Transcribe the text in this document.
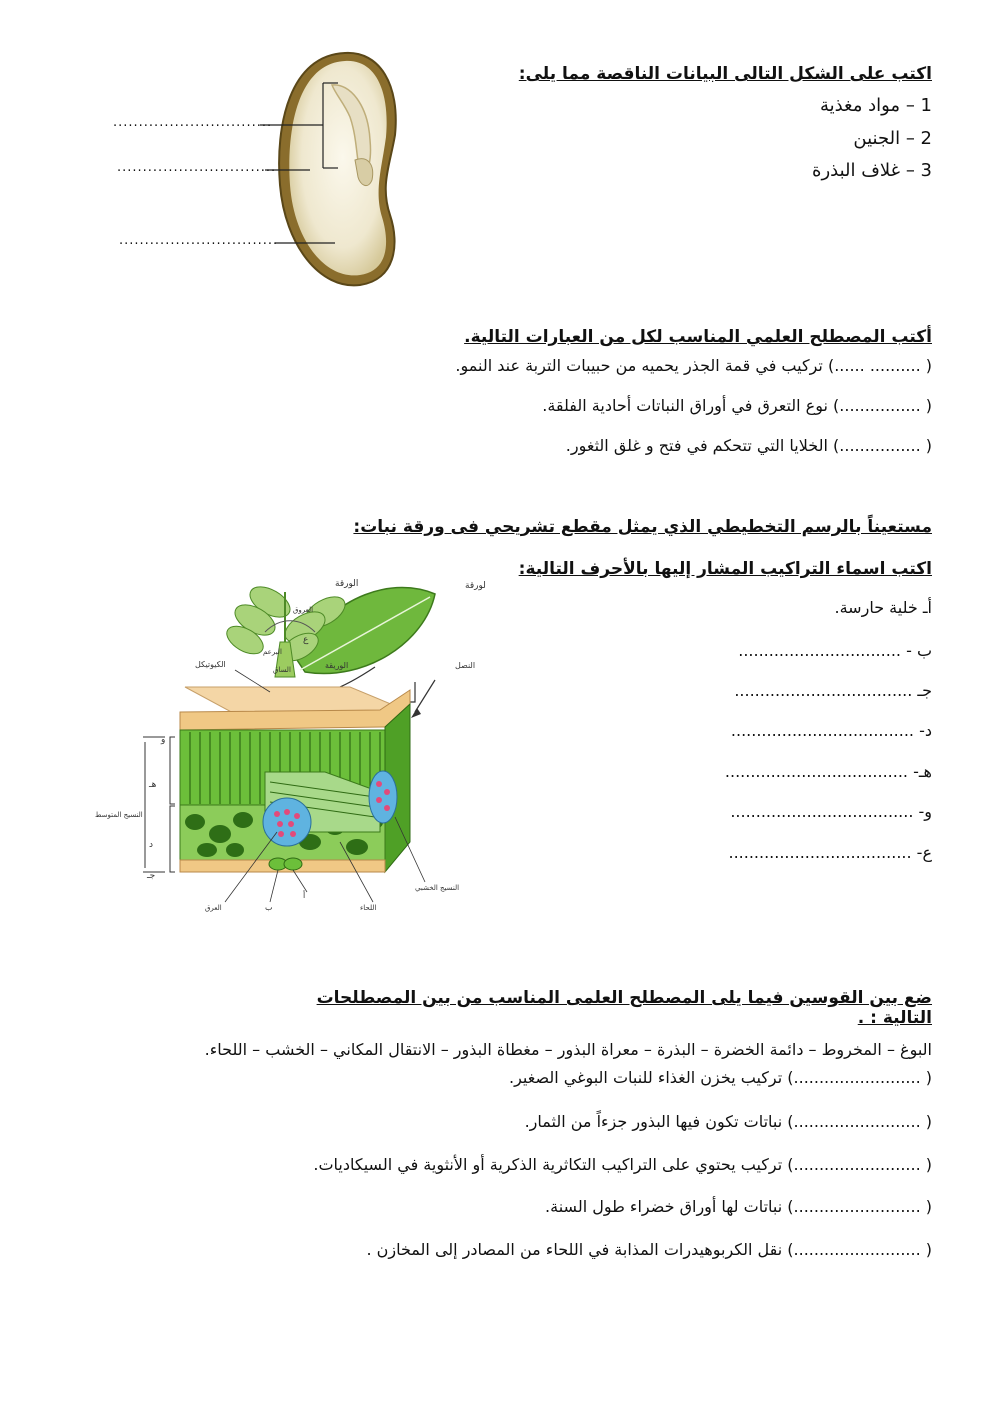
اكتب على الشكل التالى البيانات الناقصة مما يلى:
1 – مواد مغذية
2 – الجنين
3 – غلاف البذرة
...............................
...............................
...............................
أكتب المصطلح العلمي المناسب لكل من العبارات التالية.
( .......... ......) تركيب في قمة الجذر يحميه من حبيبات التربة عند النمو.
( ................) نوع التعرق في أوراق النباتات أحادية الفلقة.
( ................) الخلايا التي تتحكم في فتح و غلق الثغور.
مستعيناً بالرسم التخطيطي الذي يمثل مقطع تشريحي فى ورقة نبات:
اكتب اسماء التراكيب المشار إليها بالأحرف التالية:
أـ خلية حارسة.
ب - ................................
جـ ...................................
د- ....................................
هـ- ....................................
و- ....................................
ع- ....................................
الورقة	لورقة
العروق
ع
البرعم
الساق	النصل
الوريقة
و
هـ
د
جـ
أ
ب
الكيوتيكل
النسيج المتوسط
النسيج الخشبي
اللحاء
العرق
ضع بين القوسين فيما يلى المصطلح العلمى المناسب من بين المصطلحات التالية : .
البوغ – المخروط – دائمة الخضرة – البذرة – معراة البذور – مغطاة البذور – الانتقال المكاني – الخشب – اللحاء.
( .........................) تركيب يخزن الغذاء للنبات البوغي الصغير.
( .........................) نباتات تكون فيها البذور جزءاً من الثمار.
( .........................) تركيب يحتوي على التراكيب التكاثرية الذكرية أو الأنثوية في السيكاديات.
( .........................) نباتات لها أوراق خضراء طول السنة.
( .........................) نقل الكربوهيدرات المذابة في اللحاء من المصادر إلى المخازن .
